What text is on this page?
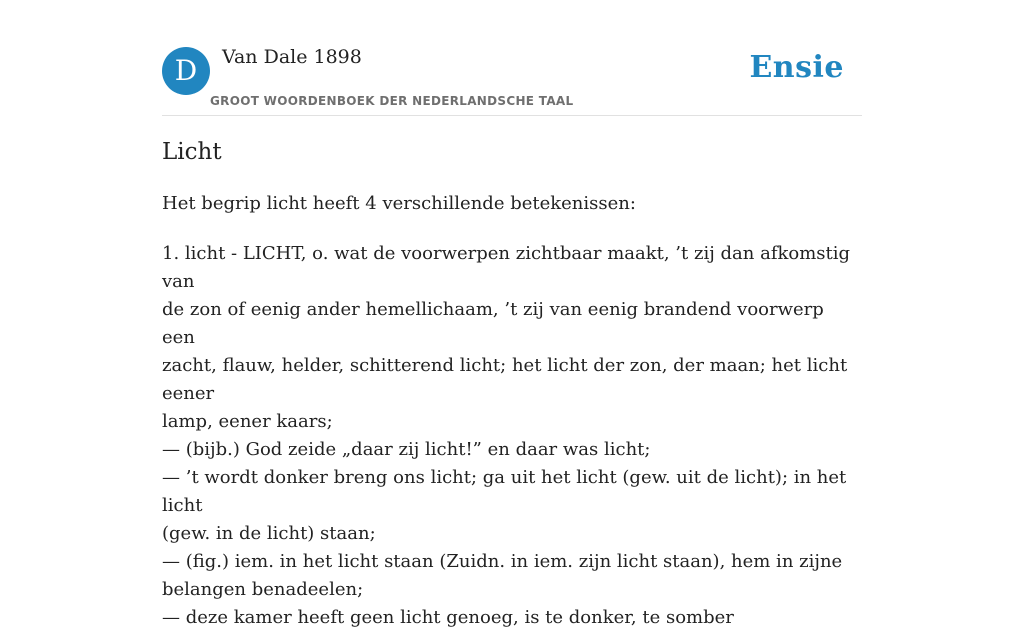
D	Van Dale 1898
GROOT WOORDENBOEK DER NEDERLANDSCHE TAAL
Ensie
Licht

Het begrip licht heeft 4 verschillende betekenissen:

1. licht - LICHT, o. wat de voorwerpen zichtbaar maakt, ’t zij dan afkomstig van
de zon of eenig ander hemellichaam, ’t zij van eenig brandend voorwerp een
zacht, flauw, helder, schitterend licht; het licht der zon, der maan; het licht eener
lamp, eener kaars;
— (bijb.) God zeide „daar zij licht!” en daar was licht;
— ’t wordt donker breng ons licht; ga uit het licht (gew. uit de licht); in het licht
(gew. in de licht) staan;
— (fig.) iem. in het licht staan (Zuidn. in iem. zijn licht staan), hem in zijne
belangen benadeelen;
— deze kamer heeft geen licht genoeg, is te donker, te somber
